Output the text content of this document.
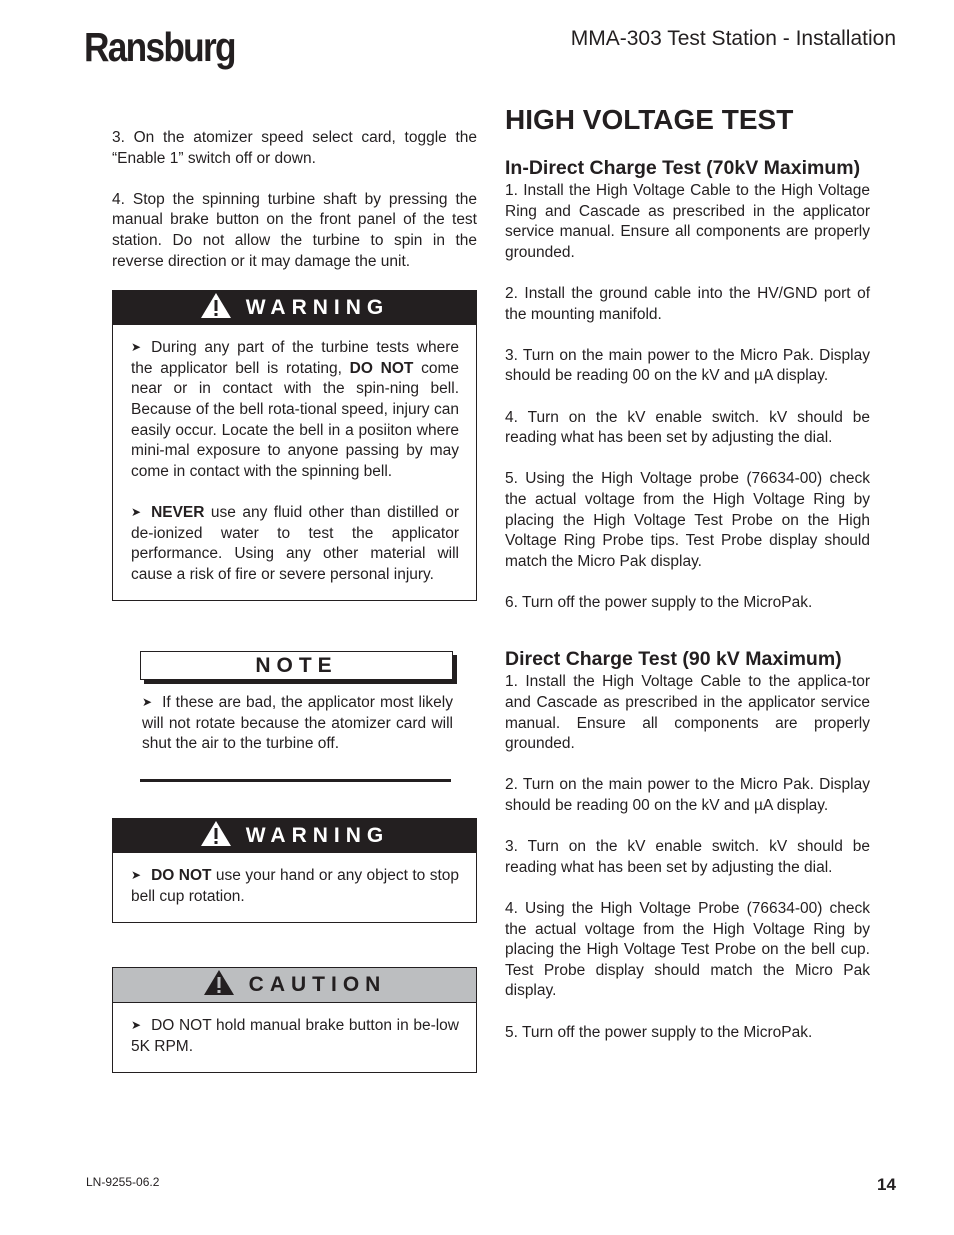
Ransburg	MMA-303 Test Station - Installation

3. On the atomizer speed select card, toggle the “Enable 1” switch off or down.

4. Stop the spinning turbine shaft by pressing the manual brake button on the front panel of the test station. Do not allow the turbine to spin in the reverse direction or it may damage the unit.

WARNING

➤ During any part of the turbine tests where the applicator bell is rotating, DO NOT come near or in contact with the spin-ning bell. Because of the bell rota-tional speed, injury can easily occur. Locate the bell in a posiiton where mini-mal exposure to anyone passing by may come in contact with the spinning bell.

➤ NEVER use any fluid other than distilled or de-ionized water to test the applicator performance. Using any other material will cause a risk of fire or severe personal injury.

NOTE

➤ If these are bad, the applicator most likely will not rotate because the atomizer card will shut the air to the turbine off.

WARNING

➤ DO NOT use your hand or any object to stop bell cup rotation.

CAUTION

➤ DO NOT hold manual brake button in be-low 5K RPM.

HIGH VOLTAGE TEST
In-Direct Charge Test (70kV Maximum)

1. Install the High Voltage Cable to the High Voltage Ring and Cascade as prescribed in the applicator service manual. Ensure all components are properly grounded.

2. Install the ground cable into the HV/GND port of the mounting manifold.

3. Turn on the main power to the Micro Pak. Display should be reading 00 on the kV and µA display.

4. Turn on the kV enable switch. kV should be reading what has been set by adjusting the dial.

5. Using the High Voltage probe (76634-00) check the actual voltage from the High Voltage Ring by placing the High Voltage Test Probe on the High Voltage Ring Probe tips. Test Probe display should match the Micro Pak display.

6. Turn off the power supply to the MicroPak.

Direct Charge Test (90 kV Maximum)

1. Install the High Voltage Cable to the applica-tor and Cascade as prescribed in the applicator service manual. Ensure all components are properly grounded.

2. Turn on the main power to the Micro Pak. Display should be reading 00 on the kV and µA display.

3. Turn on the kV enable switch. kV should be reading what has been set by adjusting the dial.

4. Using the High Voltage Probe (76634-00) check the actual voltage from the High Voltage Ring by placing the High Voltage Test Probe on the bell cup. Test Probe display should match the Micro Pak display.

5. Turn off the power supply to the MicroPak.

LN-9255-06.2	14
